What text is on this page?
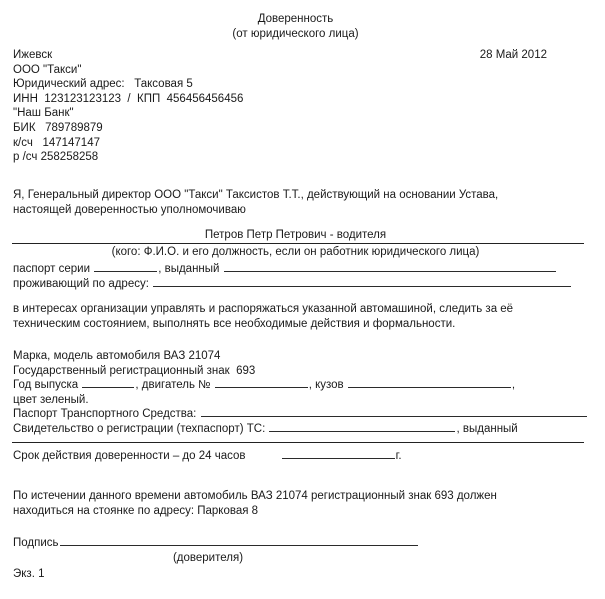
Доверенность
(от юридического лица)
28 Май 2012
Ижевск
ООО "Такси"
Юридический адрес: Таксовая 5
ИНН 123123123123 / КПП 456456456456
"Наш Банк"
БИК 789789879
к/сч 147147147
р /сч 258258258
Я, Генеральный директор ООО "Такси" Таксистов Т.Т., действующий на основании Устава,
настоящей доверенностью уполномочиваю
Петров Петр Петрович - водителя
(кого: Ф.И.О. и его должность, если он работник юридического лица)
паспорт серии	, выданный
проживающий по адресу:
в интересах организации управлять и распоряжаться указанной автомашиной, следить за её
техническим состоянием, выполнять все необходимые действия и формальности.
Марка, модель автомобиля ВАЗ 21074
Государственный регистрационный знак 693
Год выпуска	, двигатель №	, кузов	,
цвет зеленый.
Паспорт Транспортного Средства:
Свидетельство о регистрации (техпаспорт) ТС:	, выданный
Срок действия доверенности – до 24 часов	г.
По истечении данного времени автомобиль ВАЗ 21074 регистрационный знак 693 должен
находиться на стоянке по адресу: Парковая 8
Подпись
(доверителя)
Экз. 1
